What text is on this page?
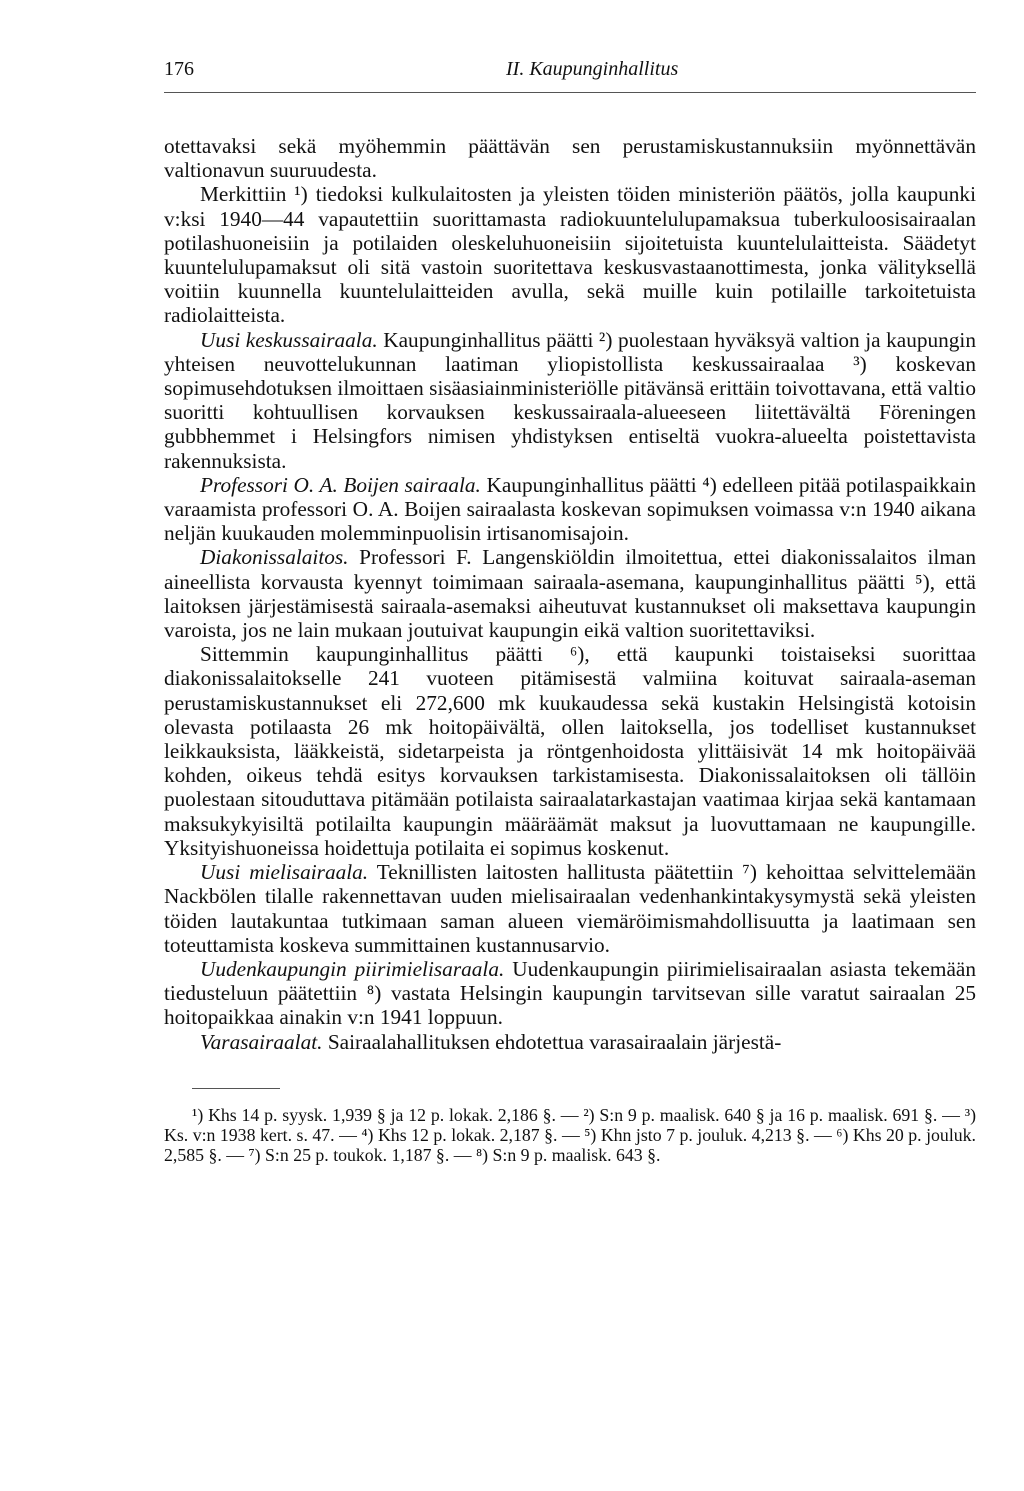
176	II. Kaupunginhallitus

otettavaksi sekä myöhemmin päättävän sen perustamiskustannuksiin myönnettävän valtionavun suuruudesta.

Merkittiin ¹) tiedoksi kulkulaitosten ja yleisten töiden ministeriön päätös, jolla kaupunki v:ksi 1940—44 vapautettiin suorittamasta radiokuuntelulupamaksua tuberkuloosisairaalan potilashuoneisiin ja potilaiden oleskeluhuoneisiin sijoitetuista kuuntelulaitteista. Säädetyt kuuntelulupamaksut oli sitä vastoin suoritettava keskusvastaanottimesta, jonka välityksellä voitiin kuunnella kuuntelulaitteiden avulla, sekä muille kuin potilaille tarkoitetuista radiolaitteista.

Uusi keskussairaala. Kaupunginhallitus päätti ²) puolestaan hyväksyä valtion ja kaupungin yhteisen neuvottelukunnan laatiman yliopistollista keskussairaalaa ³) koskevan sopimusehdotuksen ilmoittaen sisäasiainministeriölle pitävänsä erittäin toivottavana, että valtio suoritti kohtuullisen korvauksen keskussairaala-alueeseen liitettävältä Föreningen gubbhemmet i Helsingfors nimisen yhdistyksen entiseltä vuokra-alueelta poistettavista rakennuksista.

Professori O. A. Boijen sairaala. Kaupunginhallitus päätti ⁴) edelleen pitää potilaspaikkain varaamista professori O. A. Boijen sairaalasta koskevan sopimuksen voimassa v:n 1940 aikana neljän kuukauden molemminpuolisin irtisanomisajoin.

Diakonissalaitos. Professori F. Langenskiöldin ilmoitettua, ettei diakonissalaitos ilman aineellista korvausta kyennyt toimimaan sairaala-asemana, kaupunginhallitus päätti ⁵), että laitoksen järjestämisestä sairaala-asemaksi aiheutuvat kustannukset oli maksettava kaupungin varoista, jos ne lain mukaan joutuivat kaupungin eikä valtion suoritettaviksi.

Sittemmin kaupunginhallitus päätti ⁶), että kaupunki toistaiseksi suorittaa diakonissalaitokselle 241 vuoteen pitämisestä valmiina koituvat sairaala-aseman perustamiskustannukset eli 272,600 mk kuukaudessa sekä kustakin Helsingistä kotoisin olevasta potilaasta 26 mk hoitopäivältä, ollen laitoksella, jos todelliset kustannukset leikkauksista, lääkkeistä, sidetarpeista ja röntgenhoidosta ylittäisivät 14 mk hoitopäivää kohden, oikeus tehdä esitys korvauksen tarkistamisesta. Diakonissalaitoksen oli tällöin puolestaan sitouduttava pitämään potilaista sairaalatarkastajan vaatimaa kirjaa sekä kantamaan maksukykyisiltä potilailta kaupungin määräämät maksut ja luovuttamaan ne kaupungille. Yksityishuoneissa hoidettuja potilaita ei sopimus koskenut.

Uusi mielisairaala. Teknillisten laitosten hallitusta päätettiin ⁷) kehoittaa selvittelemään Nackbölen tilalle rakennettavan uuden mielisairaalan vedenhankintakysymystä sekä yleisten töiden lautakuntaa tutkimaan saman alueen viemäröimismahdollisuutta ja laatimaan sen toteuttamista koskeva summittainen kustannusarvio.

Uudenkaupungin piirimielisaraala. Uudenkaupungin piirimielisairaalan asiasta tekemään tiedusteluun päätettiin ⁸) vastata Helsingin kaupungin tarvitsevan sille varatut sairaalan 25 hoitopaikkaa ainakin v:n 1941 loppuun.

Varasairaalat. Sairaalahallituksen ehdotettua varasairaalain järjestä-

¹) Khs 14 p. syysk. 1,939 § ja 12 p. lokak. 2,186 §. — ²) S:n 9 p. maalisk. 640 § ja 16 p. maalisk. 691 §. — ³) Ks. v:n 1938 kert. s. 47. — ⁴) Khs 12 p. lokak. 2,187 §. — ⁵) Khn jsto 7 p. jouluk. 4,213 §. — ⁶) Khs 20 p. jouluk. 2,585 §. — ⁷) S:n 25 p. toukok. 1,187 §. — ⁸) S:n 9 p. maalisk. 643 §.
